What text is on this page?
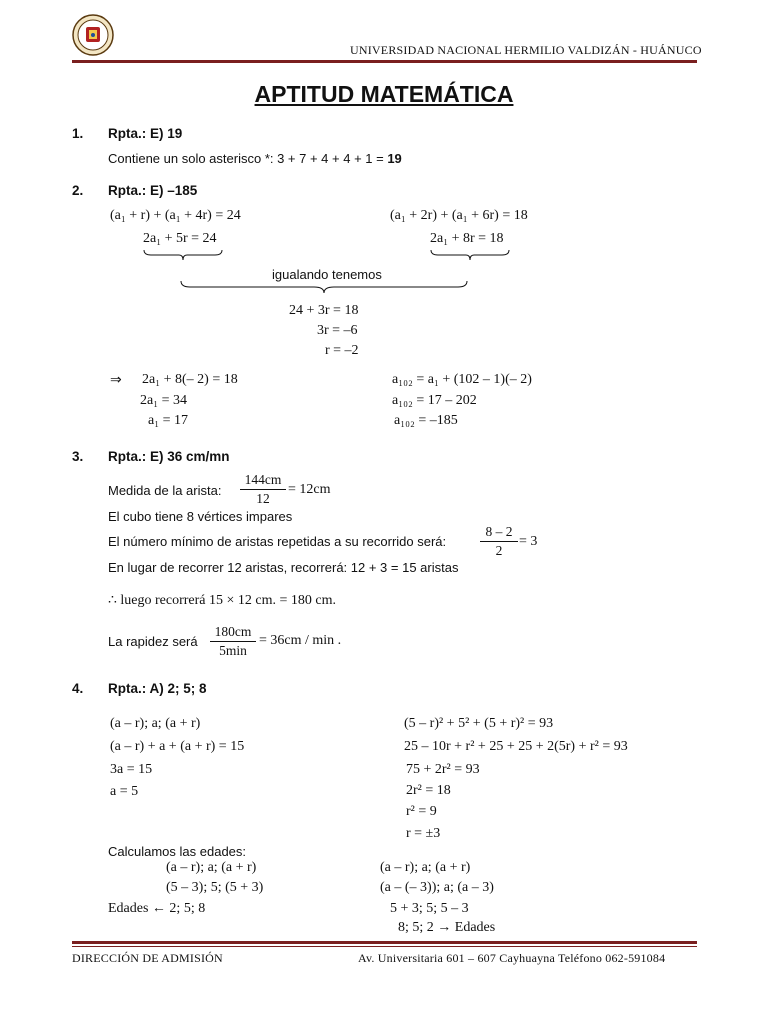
UNIVERSIDAD NACIONAL HERMILIO VALDIZÁN - HUÁNUCO
APTITUD MATEMÁTICA
1. Rpta.: E) 19
Contiene un solo asterisco *: 3 + 7 + 4 + 4 + 1 = 19
2. Rpta.: E) –185
(a₁ + r) + (a₁ + 4r) = 24
2a₁ + 5r = 24
(a₁ + 2r) + (a₁ + 6r) = 18
2a₁ + 8r = 18
igualando tenemos
24 + 3r = 18
3r = –6
r = –2
⇒ 2a₁ + 8(– 2) = 18
2a₁ = 34
a₁ = 17
a₁₀₂ = a₁ + (102 – 1)(– 2)
a₁₀₂ = 17 – 202
a₁₀₂ = –185
3. Rpta.: E) 36 cm/mn
Medida de la arista:
144cm
12
= 12cm
El cubo tiene 8 vértices impares
El número mínimo de aristas repetidas a su recorrido será:
8 – 2
2
= 3
En lugar de recorrer 12 aristas, recorrerá: 12 + 3 = 15 aristas
∴ luego recorrerá 15 × 12 cm. = 180 cm.
La rapidez será
180cm
5min
= 36cm / min .
4. Rpta.: A) 2; 5; 8
(a – r); a; (a + r)
(a – r) + a + (a + r) = 15
3a = 15
a = 5
(5 – r)² + 5² + (5 + r)² = 93
25 – 10r + r² + 25 + 25 + 2(5r) + r² = 93
75 + 2r² = 93
2r² = 18
r² = 9
r = ±3
Calculamos las edades:
(a – r); a; (a + r)
(5 – 3); 5; (5 + 3)
Edades ← 2; 5; 8
(a – r); a; (a + r)
(a – (– 3)); a; (a – 3)
5 + 3; 5; 5 – 3
8; 5; 2 → Edades
DIRECCIÓN DE ADMISIÓN	Av. Universitaria 601 – 607 Cayhuayna Teléfono 062-591084
